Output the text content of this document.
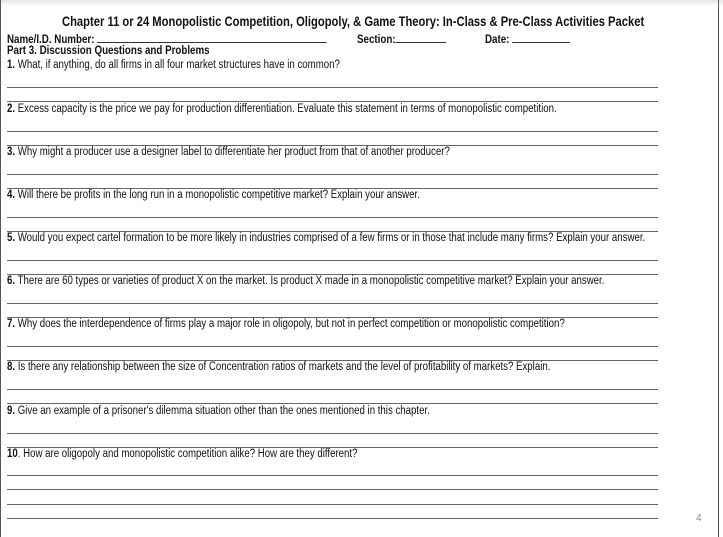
Chapter 11 or 24 Monopolistic Competition, Oligopoly, & Game Theory: In-Class & Pre-Class Activities Packet
Name/I.D. Number:	Section:	Date:
Part 3. Discussion Questions and Problems
1. What, if anything, do all firms in all four market structures have in common?
2. Excess capacity is the price we pay for production differentiation. Evaluate this statement in terms of monopolistic competition.
3. Why might a producer use a designer label to differentiate her product from that of another producer?
4. Will there be profits in the long run in a monopolistic competitive market? Explain your answer.
5. Would you expect cartel formation to be more likely in industries comprised of a few firms or in those that include many firms? Explain your answer.
6. There are 60 types or varieties of product X on the market. Is product X made in a monopolistic competitive market? Explain your answer.
7. Why does the interdependence of firms play a major role in oligopoly, but not in perfect competition or monopolistic competition?
8. Is there any relationship between the size of Concentration ratios of markets and the level of profitability of markets? Explain.
9. Give an example of a prisoner's dilemma situation other than the ones mentioned in this chapter.
10. How are oligopoly and monopolistic competition alike? How are they different?
4
